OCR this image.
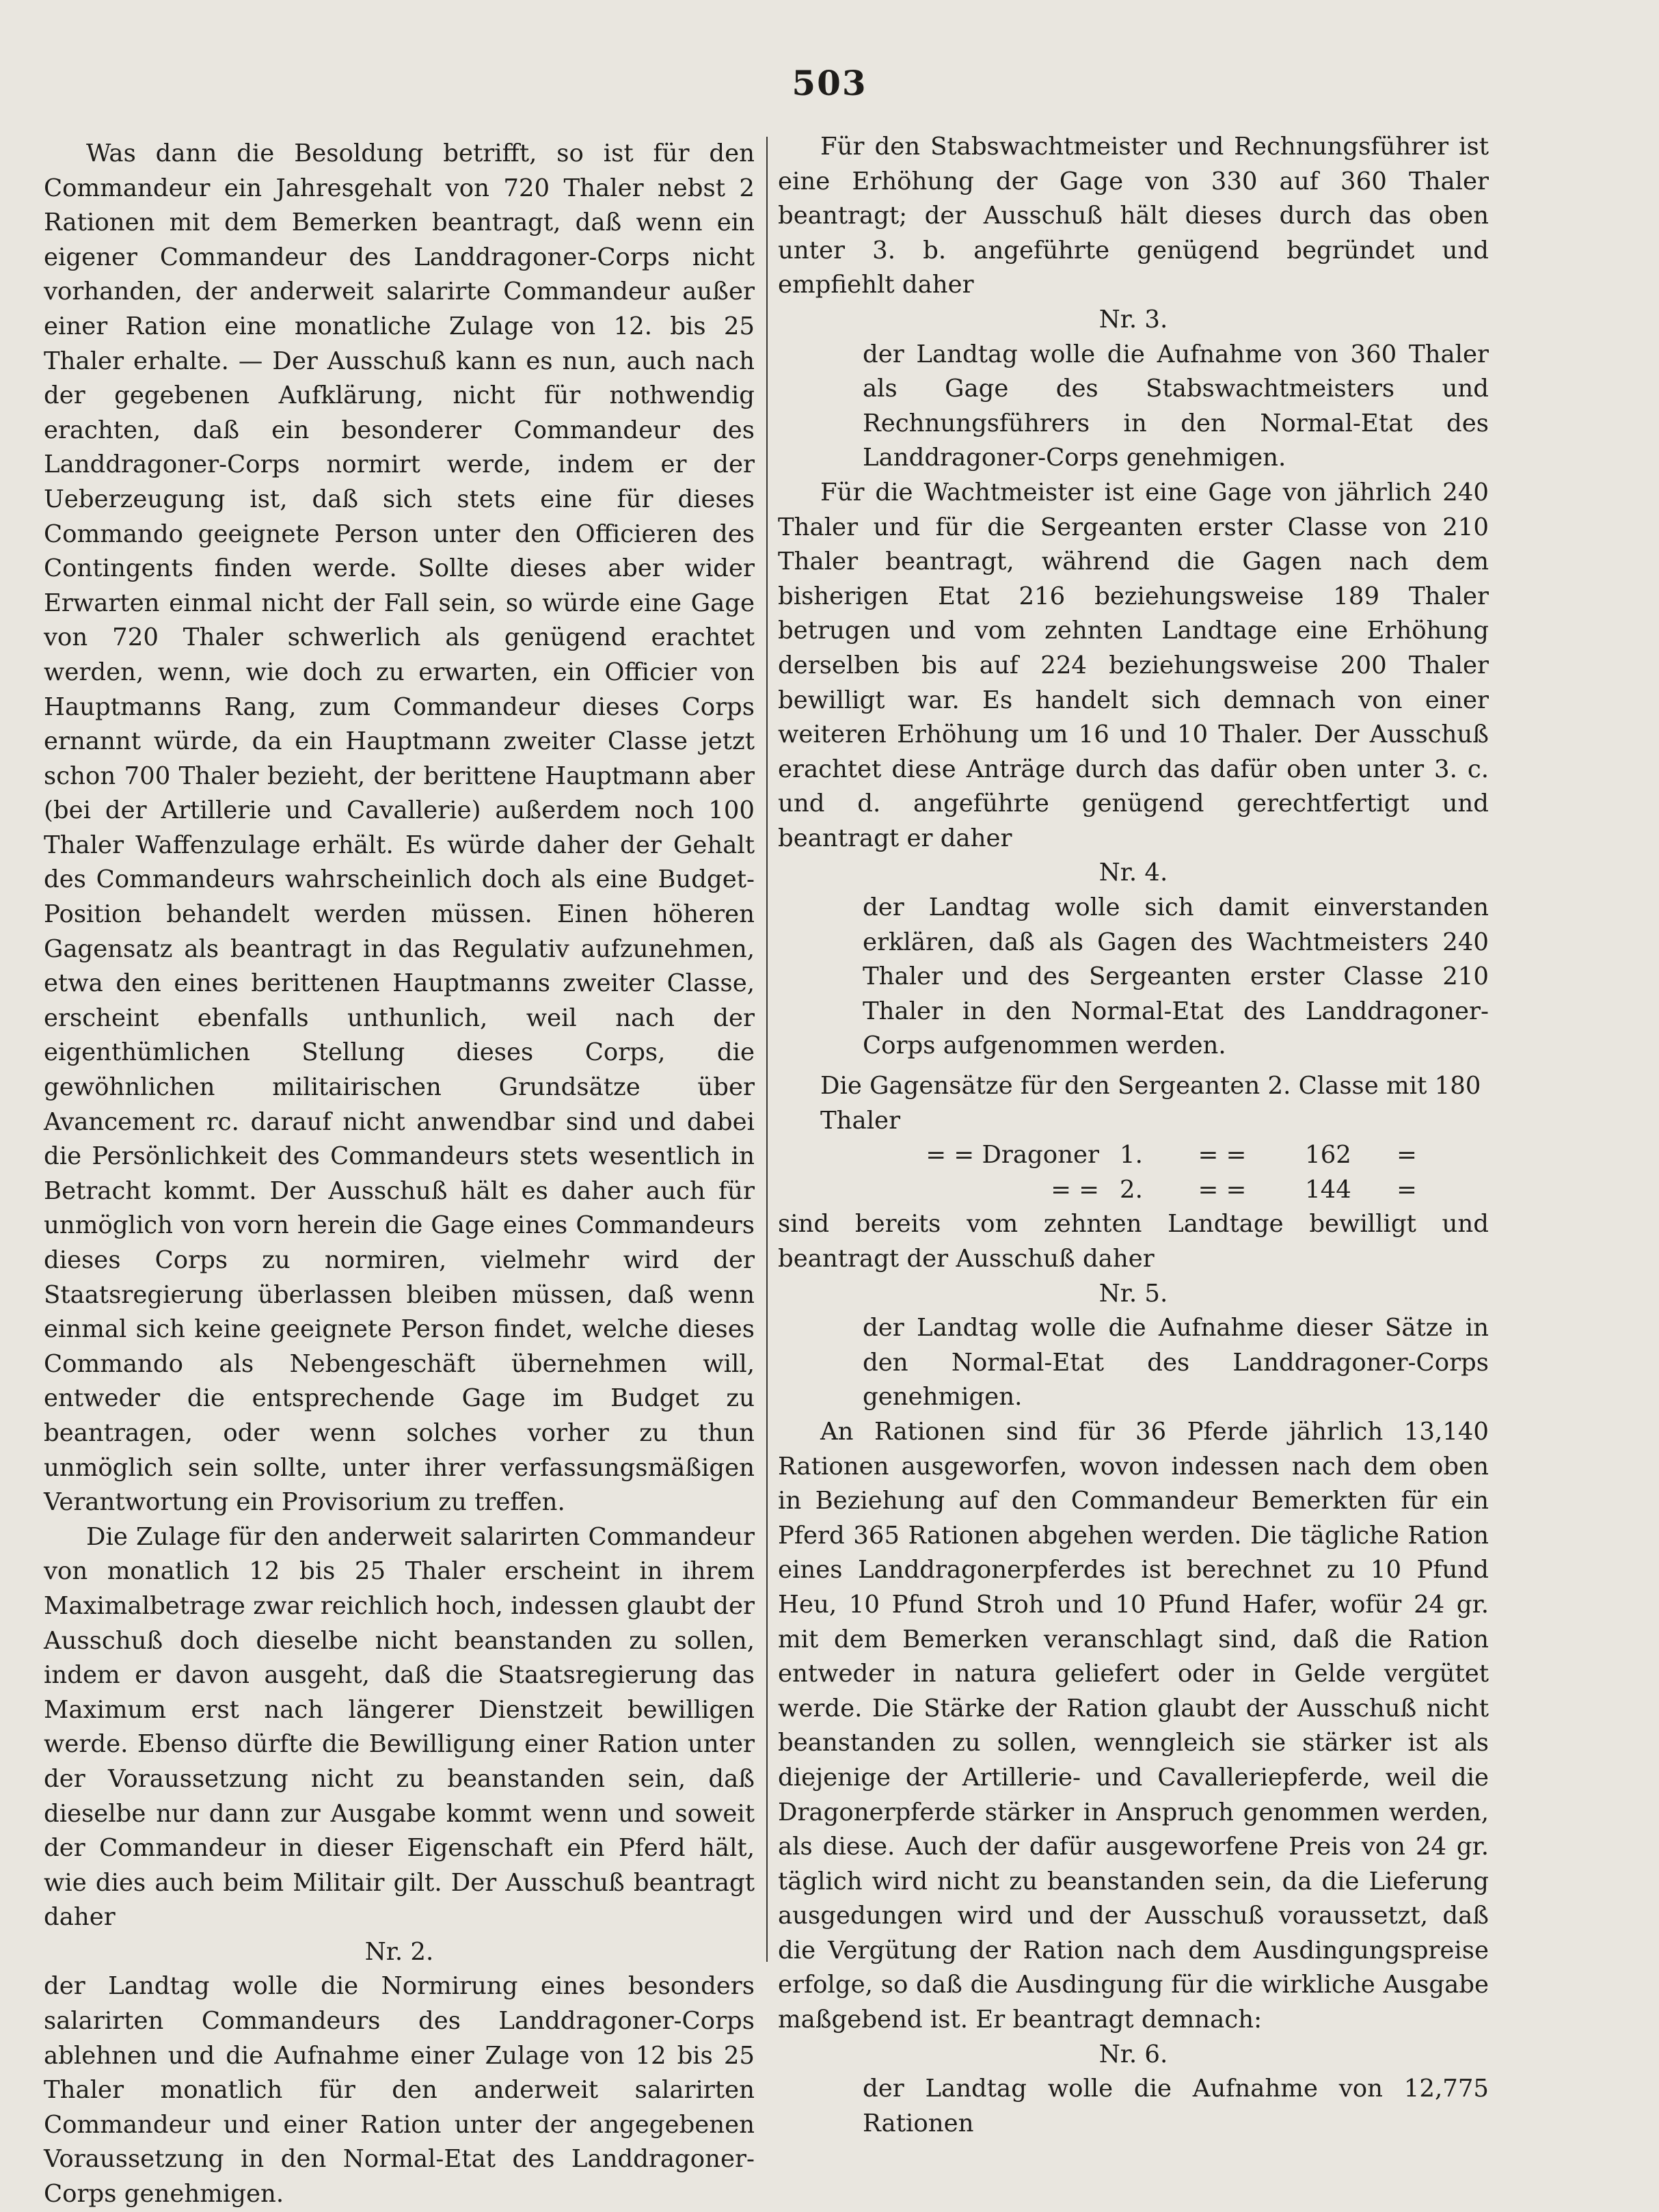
503

Was dann die Besoldung betrifft, so ist für den Commandeur ein Jahresgehalt von 720 Thaler nebst 2 Rationen mit dem Bemerken beantragt, daß wenn ein eigener Commandeur des Landdragoner-Corps nicht vorhanden, der anderweit salarirte Commandeur außer einer Ration eine monatliche Zulage von 12. bis 25 Thaler erhalte. — Der Ausschuß kann es nun, auch nach der gegebenen Aufklärung, nicht für nothwendig erachten, daß ein besonderer Commandeur des Landdragoner-Corps normirt werde, indem er der Ueberzeugung ist, daß sich stets eine für dieses Commando geeignete Person unter den Officieren des Contingents finden werde. Sollte dieses aber wider Erwarten einmal nicht der Fall sein, so würde eine Gage von 720 Thaler schwerlich als genügend erachtet werden, wenn, wie doch zu erwarten, ein Officier von Hauptmanns Rang, zum Commandeur dieses Corps ernannt würde, da ein Hauptmann zweiter Classe jetzt schon 700 Thaler bezieht, der berittene Hauptmann aber (bei der Artillerie und Cavallerie) außerdem noch 100 Thaler Waffenzulage erhält. Es würde daher der Gehalt des Commandeurs wahrscheinlich doch als eine Budget-Position behandelt werden müssen. Einen höheren Gagensatz als beantragt in das Regulativ aufzunehmen, etwa den eines berittenen Hauptmanns zweiter Classe, erscheint ebenfalls unthunlich, weil nach der eigenthümlichen Stellung dieses Corps, die gewöhnlichen militairischen Grundsätze über Avancement rc. darauf nicht anwendbar sind und dabei die Persönlichkeit des Commandeurs stets wesentlich in Betracht kommt. Der Ausschuß hält es daher auch für unmöglich von vorn herein die Gage eines Commandeurs dieses Corps zu normiren, vielmehr wird der Staatsregierung überlassen bleiben müssen, daß wenn einmal sich keine geeignete Person findet, welche dieses Commando als Nebengeschäft übernehmen will, entweder die entsprechende Gage im Budget zu beantragen, oder wenn solches vorher zu thun unmöglich sein sollte, unter ihrer verfassungsmäßigen Verantwortung ein Provisorium zu treffen.

Die Zulage für den anderweit salarirten Commandeur von monatlich 12 bis 25 Thaler erscheint in ihrem Maximalbetrage zwar reichlich hoch, indessen glaubt der Ausschuß doch dieselbe nicht beanstanden zu sollen, indem er davon ausgeht, daß die Staatsregierung das Maximum erst nach längerer Dienstzeit bewilligen werde. Ebenso dürfte die Bewilligung einer Ration unter der Voraussetzung nicht zu beanstanden sein, daß dieselbe nur dann zur Ausgabe kommt wenn und soweit der Commandeur in dieser Eigenschaft ein Pferd hält, wie dies auch beim Militair gilt. Der Ausschuß beantragt daher

Nr. 2.

der Landtag wolle die Normirung eines besonders salarirten Commandeurs des Landdragoner-Corps ablehnen und die Aufnahme einer Zulage von 12 bis 25 Thaler monatlich für den anderweit salarirten Commandeur und einer Ration unter der angegebenen Voraussetzung in den Normal-Etat des Landdragoner-Corps genehmigen.

Für den Stabswachtmeister und Rechnungsführer ist eine Erhöhung der Gage von 330 auf 360 Thaler beantragt; der Ausschuß hält dieses durch das oben unter 3. b. angeführte genügend begründet und empfiehlt daher

Nr. 3.

der Landtag wolle die Aufnahme von 360 Thaler als Gage des Stabswachtmeisters und Rechnungsführers in den Normal-Etat des Landdragoner-Corps genehmigen.

Für die Wachtmeister ist eine Gage von jährlich 240 Thaler und für die Sergeanten erster Classe von 210 Thaler beantragt, während die Gagen nach dem bisherigen Etat 216 beziehungsweise 189 Thaler betrugen und vom zehnten Landtage eine Erhöhung derselben bis auf 224 beziehungsweise 200 Thaler bewilligt war. Es handelt sich demnach von einer weiteren Erhöhung um 16 und 10 Thaler. Der Ausschuß erachtet diese Anträge durch das dafür oben unter 3. c. und d. angeführte genügend gerechtfertigt und beantragt er daher

Nr. 4.

der Landtag wolle sich damit einverstanden erklären, daß als Gagen des Wachtmeisters 240 Thaler und des Sergeanten erster Classe 210 Thaler in den Normal-Etat des Landdragoner-Corps aufgenommen werden.

Die Gagensätze für den Sergeanten 2. Classe mit 180 Thaler
= = Dragoner 1.	= =	162	=
= = 2.	= =	144	=

sind bereits vom zehnten Landtage bewilligt und beantragt der Ausschuß daher

Nr. 5.

der Landtag wolle die Aufnahme dieser Sätze in den Normal-Etat des Landdragoner-Corps genehmigen.

An Rationen sind für 36 Pferde jährlich 13,140 Rationen ausgeworfen, wovon indessen nach dem oben in Beziehung auf den Commandeur Bemerkten für ein Pferd 365 Rationen abgehen werden. Die tägliche Ration eines Landdragonerpferdes ist berechnet zu 10 Pfund Heu, 10 Pfund Stroh und 10 Pfund Hafer, wofür 24 gr. mit dem Bemerken veranschlagt sind, daß die Ration entweder in natura geliefert oder in Gelde vergütet werde. Die Stärke der Ration glaubt der Ausschuß nicht beanstanden zu sollen, wenngleich sie stärker ist als diejenige der Artillerie- und Cavalleriepferde, weil die Dragonerpferde stärker in Anspruch genommen werden, als diese. Auch der dafür ausgeworfene Preis von 24 gr. täglich wird nicht zu beanstanden sein, da die Lieferung ausgedungen wird und der Ausschuß voraussetzt, daß die Vergütung der Ration nach dem Ausdingungspreise erfolge, so daß die Ausdingung für die wirkliche Ausgabe maßgebend ist. Er beantragt demnach:

Nr. 6.

der Landtag wolle die Aufnahme von 12,775 Rationen
